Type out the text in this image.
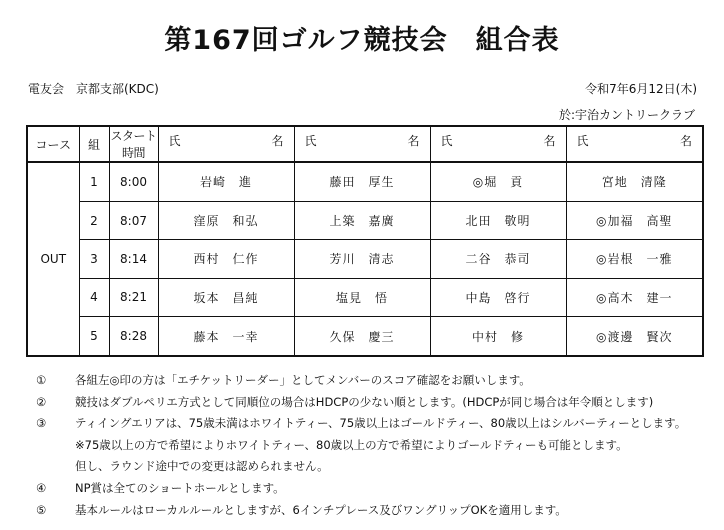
第167回ゴルフ競技会　組合表
電友会　京都支部(KDC)	令和7年6月12日(木)
於:宇治カントリークラブ
コース	組	スタート時間	氏 名	氏 名	氏 名	氏 名

OUT	1	8:00	岩崎　進	藤田　厚生	◎堀　貢	宮地　清隆
	2	8:07	窪原　和弘	上築　嘉廣	北田　敬明	◎加福　高聖
	3	8:14	西村　仁作	芳川　清志	二谷　恭司	◎岩根　一雅
	4	8:21	坂本　昌純	塩見　悟	中島　啓行	◎高木　建一
	5	8:28	藤本　一幸	久保　慶三	中村　修	◎渡邊　賢次
①	各組左◎印の方は「エチケットリーダー」としてメンバーのスコア確認をお願いします。
②	競技はダブルペリエ方式として同順位の場合はHDCPの少ない順とします。(HDCPが同じ場合は年令順とします)
③	ティイングエリアは、75歳未満はホワイトティー、75歳以上はゴールドティー、80歳以上はシルバーティーとします。
※75歳以上の方で希望によりホワイトティー、80歳以上の方で希望によりゴールドティーも可能とします。
但し、ラウンド途中での変更は認められません。
④	NP賞は全てのショートホールとします。
⑤	基本ルールはローカルルールとしますが、6インチプレース及びワングリップOKを適用します。
